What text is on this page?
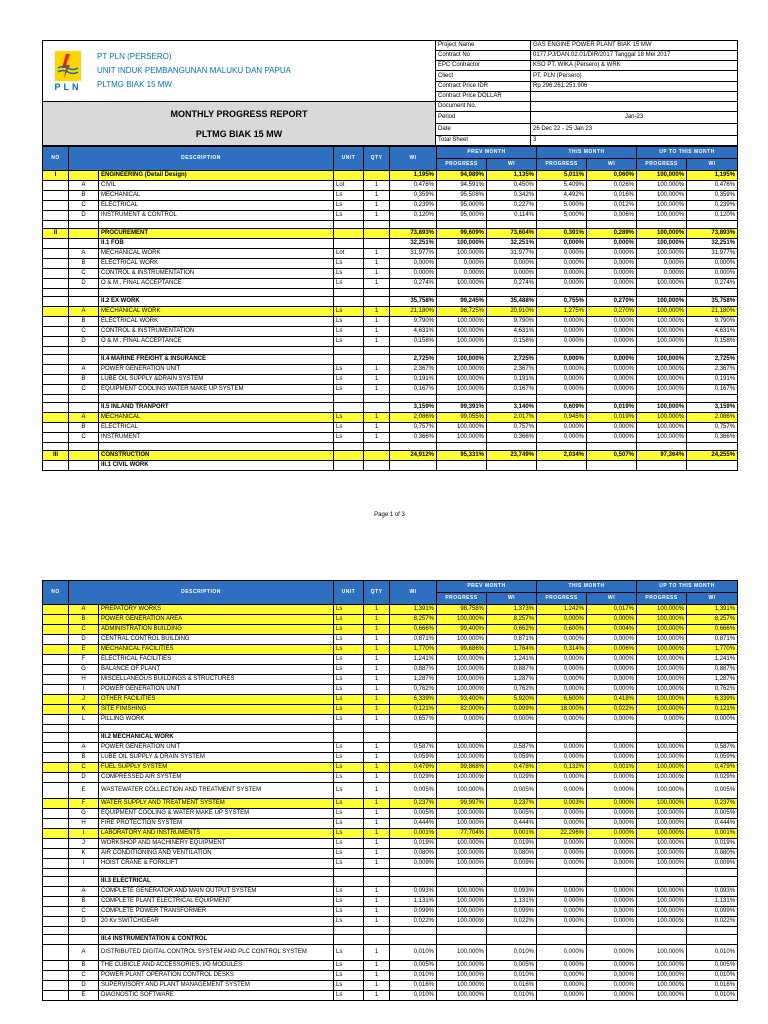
PLN
PT PLN (PERSERO)
UNIT INDUK PEMBANGUNAN MALUKU DAN PAPUA
PLTMG BIAK 15 MW	Project Name	GAS ENGINE POWER PLANT BIAK 15 MW
	Contract No	0177.PJ/DAN.02.01/DIR/2017 Tanggal 18 Mei 2017
	EPC Contractor	KSO PT. WIKA (Persero) & WRK
	Cliect	PT. PLN (Persero)
	Contract Price IDR	Rp 296.261.251.906
	Contract Price DOLLAR	

MONTHLY PROGRESS REPORT
PLTMG BIAK 15 MW	Document No.	
	Period	Jan-23
	Date	26 Dec 22 - 25 Jan 23
	Total Sheet	3
NO	DESCRIPTION		UNIT	QTY	WI	PREV MONTH		THIS MONTH		UP TO THIS MONTH	
						PROGRESS	WI	PROGRESS	WI	PROGRESS	WI
I		ENGINEERING (Detail Design)			1,195%	94,989%	1,135%	5,011%	0,060%	100,000%	1,195%
	A	CIVIL	Lot	1	0,476%	94,591%	0,450%	5,409%	0,026%	100,000%	0,476%
	B	MECHANICAL	Ls	1	0,359%	95,508%	0,342%	4,492%	0,016%	100,000%	0,359%
	C	ELECTRICAL	Ls	1	0,239%	95,000%	0,227%	5,000%	0,012%	100,000%	0,239%
	D	INSTRUMENT & CONTROL	Ls	1	0,120%	95,000%	0,114%	5,000%	0,006%	100,000%	0,120%

II		PROCUREMENT			73,893%	99,609%	73,604%	0,391%	0,289%	100,000%	73,893%
		II.1 FOB			32,251%	100,000%	32,251%	0,000%	0,000%	100,000%	32,251%
	A	MECHANICAL WORK	Lot	1	31,977%	100,000%	31,977%	0,000%	0,000%	100,000%	31,977%
	B	ELECTRICAL WORK	Ls	1	0,000%	0,000%	0,000%	0,000%	0,000%	0,000%	0,000%
	C	CONTROL & INSTRUMENTATION	Ls	1	0,000%	0,000%	0,000%	0,000%	0,000%	0,000%	0,000%
	D	O & M , FINAL ACCEPTANCE	Ls	1	0,274%	100,000%	0,274%	0,000%	0,000%	100,000%	0,274%

		II.2 EX WORK			35,758%	99,245%	35,488%	0,755%	0,270%	100,000%	35,758%
	A	MECHANICAL WORK	Ls	1	21,180%	98,725%	20,910%	1,275%	0,270%	100,000%	21,180%
	B	ELECTRICAL WORK	Ls	1	9,790%	100,000%	9,790%	0,000%	0,000%	100,000%	9,790%
	C	CONTROL & INSTRUMENTATION	Ls	1	4,631%	100,000%	4,631%	0,000%	0,000%	100,000%	4,631%
	D	O & M , FINAL ACCEPTANCE	Ls	1	0,158%	100,000%	0,158%	0,000%	0,000%	100,000%	0,158%

		II.4 MARINE FREIGHT & INSURANCE			2,725%	100,000%	2,725%	0,000%	0,000%	100,000%	2,725%
	A	POWER GENERATION UNIT	Ls	1	2,367%	100,000%	2,367%	0,000%	0,000%	100,000%	2,367%
	B	LUBE OIL SUPPLY &DRAIN SYSTEM	Ls	1	0,191%	100,000%	0,191%	0,000%	0,000%	100,000%	0,191%
	C	EQUIPMENT COOLING WATER MAKE UP SYSTEM	Ls	1	0,167%	100,000%	0,167%	0,000%	0,000%	100,000%	0,167%

		II.5 INLAND TRANPORT			3,159%	99,391%	3,140%	0,609%	0,019%	100,000%	3,159%
	A	MECHANICAL	Ls	1	2,086%	99,055%	2,017%	0,945%	0,019%	100,000%	2,086%
	B	ELECTRICAL	Ls	1	0,757%	100,000%	0,757%	0,000%	0,000%	100,000%	0,757%
	C	INSTRUMENT	Ls	1	0,366%	100,000%	0,366%	0,000%	0,000%	100,000%	0,366%

III		CONSTRUCTION			24,912%	95,331%	23,749%	2,034%	0,507%	97,364%	24,255%
		III.1 CIVIL WORK									
Page 1 of 3
NO	DESCRIPTION		UNIT	QTY	WI	PREV MONTH		THIS MONTH		UP TO THIS MONTH	
						PROGRESS	WI	PROGRESS	WI	PROGRESS	WI
	A	PREPATORY WORKS	Ls	1	1,391%	98,758%	1,373%	1,242%	0,017%	100,000%	1,391%
	B	POWER GENERATION AREA	Ls	1	8,257%	100,000%	8,257%	0,000%	0,000%	100,000%	8,257%
	C	ADMINISTRATION BUILDING	Ls	1	0,666%	99,400%	0,662%	0,600%	0,004%	100,000%	0,666%
	D	CENTRAL CONTROL BUILDING	Ls	1	0,871%	100,000%	0,871%	0,000%	0,000%	100,000%	0,871%
	E	MECHANICAL FACILITIES	Ls	1	1,770%	99,686%	1,764%	0,314%	0,006%	100,000%	1,770%
	F	ELECTRICAL FACILITIES	Ls	1	1,241%	100,000%	1,241%	0,000%	0,000%	100,000%	1,241%
	G	BALANCE OF PLANT	Ls	1	0,887%	100,000%	0,887%	0,000%	0,000%	100,000%	0,887%
	H	MISCELLANEOUS BUILDINGS & STRUCTURES	Ls	1	1,287%	100,000%	1,287%	0,000%	0,000%	100,000%	1,287%
	I	POWER GENERATION UNIT	Ls	1	0,762%	100,000%	0,762%	0,000%	0,000%	100,000%	0,762%
	J	OTHER FACILITIES	Ls	1	6,339%	93,400%	5,920%	6,600%	0,418%	100,000%	6,339%
	K	SITE FINISHING	Ls	1	0,121%	82,000%	0,099%	18,000%	0,022%	100,000%	0,121%
	L	PILLING WORK	Ls	1	0,657%	0,000%	0,000%	0,000%	0,000%	0,000%	0,000%

		III.2 MECHANICAL WORK									
	A	POWER GENERATION UNIT	Ls	1	0,587%	100,000%	0,587%	0,000%	0,000%	100,000%	0,587%
	B	LUBE OIL SUPPLY & DRAIN SYSTEM	Ls	1	0,059%	100,000%	0,059%	0,000%	0,000%	100,000%	0,059%
	C	FUEL SUPPLY SYSTEM	Ls	1	0,479%	99,868%	0,478%	0,132%	0,001%	100,000%	0,479%
	D	COMPRESSED AIR SYSTEM	Ls	1	0,029%	100,000%	0,029%	0,000%	0,000%	100,000%	0,029%
	E	WASTEWATER COLLECTION AND TREATMENT SYSTEM	Ls	1	0,005%	100,000%	0,005%	0,000%	0,000%	100,000%	0,005%
	F	WATER SUPPLY AND TREATMENT SYSTEM	Ls	1	0,237%	99,997%	0,237%	0,003%	0,000%	100,000%	0,237%
	G	EQUIPMENT COOLING & WATER MAKE UP SYSTEM	Ls	1	0,005%	100,000%	0,005%	0,000%	0,000%	100,000%	0,005%
	H	FIRE PROTECTION SYSTEM	Ls	1	0,444%	100,000%	0,444%	0,000%	0,000%	100,000%	0,444%
	I	LABORATORY AND INSTRUMENTS	Ls	1	0,001%	77,704%	0,001%	22,296%	0,000%	100,000%	0,001%
	J	WORKSHOP AND MACHINERY EQUIPMENT	Ls	1	0,019%	100,000%	0,019%	0,000%	0,000%	100,000%	0,019%
	K	AIR CONDITIONING AND VENTILATION	Ls	1	0,080%	100,000%	0,080%	0,000%	0,000%	100,000%	0,080%
	I	HOIST CRANE & FORKLIFT	Ls	1	0,009%	100,000%	0,009%	0,000%	0,000%	100,000%	0,009%

		III.3 ELECTRICAL									
	A	COMPLETE GENERATOR AND MAIN OUTPUT SYSTEM	Ls	1	0,093%	100,000%	0,093%	0,000%	0,000%	100,000%	0,093%
	B	COMPLETE PLANT ELECTRICAL EQUIPMENT	Ls	1	1,131%	100,000%	1,131%	0,000%	0,000%	100,000%	1,131%
	C	COMPLETE POWER TRANSFORMER	Ls	1	0,099%	100,000%	0,099%	0,000%	0,000%	100,000%	0,099%
	D	20 Kv SWITCHGEAR	Ls	1	0,022%	100,000%	0,022%	0,000%	0,000%	100,000%	0,022%

		III.4 INSTRUMENTATION & CONTROL									
	A	DISTRIBUTED DIGITAL CONTROL SYSTEM AND PLC CONTROL SYSTEM	Ls	1	0,010%	100,000%	0,010%	0,000%	0,000%	100,000%	0,010%
	B	THE CUBICLE AND ACCESSORIES, I/O MODULES	Ls	1	0,005%	100,000%	0,005%	0,000%	0,000%	100,000%	0,005%
	C	POWER PLANT OPERATION CONTROL DESKS	Ls	1	0,010%	100,000%	0,010%	0,000%	0,000%	100,000%	0,010%
	D	SUPERVISORY AND PLANT MANAGEMENT SYSTEM	Ls	1	0,016%	100,000%	0,016%	0,000%	0,000%	100,000%	0,016%
	E	DIAGNOSTIC SOFTWARE	Ls	1	0,010%	100,000%	0,010%	0,000%	0,000%	100,000%	0,010%
